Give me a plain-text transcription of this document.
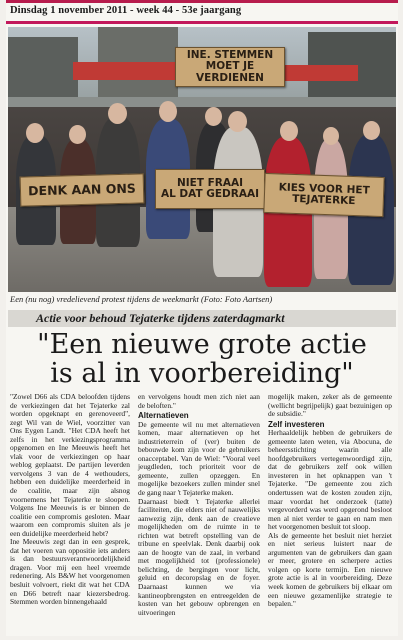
Dinsdag 1 november 2011 - week 44 - 53e jaargang
INE. STEMMEN
MOET JE VERDIENEN
DENK AAN ONS	NIET FRAAI
AL DAT GEDRAAI KIES VOOR HET
TEJATERKE
Een (nu nog) vredelievend protest tijdens de weekmarkt (Foto: Foto Aartsen)
Actie voor behoud Tejaterke tijdens zaterdagmarkt
"Een nieuwe grote actie
is al in voorbereiding"

"Zowel D66 als CDA beloofden tijdens de verkiezingen dat het Tejaterke zal worden opgeknapt en gerenoveerd", zegt Wil van de Wiel, voorzitter van Ons Eygen Landt. "Het CDA heeft het zelfs in het verkiezingsprogramma opgenomen en Ine Meeuwis heeft het vlak voor de verkiezingen op haar weblog geplaatst. De partijen leverden vervolgens 3 van de 4 wethouders, hebben een duidelijke meerderheid in de coalitie, maar zijn alsnog voornemens het Tejaterke te sloopen. Volgens Ine Meeuwis is er binnen de coalitie een compromis gesloten. Maar waarom een compromis sluiten als je een duidelijke meerderheid hebt?

Ine Meeuwis zegt dan in een gesprek, dat het voeren van oppositie iets anders is dan bestuursverantwoordelijkheid dragen. Voor mij een heel vreemde redenering. Als B&W het voorgenomen besluit volvoert, riekt dit wat het CDA en D66 betreft naar kiezersbedrog. Stemmen worden binnengehaald

en vervolgens houdt men zich niet aan de beloften."

Alternatieven

De gemeente wil nu met alternatieven komen, maar alternatieven op het industrieterrein of (ver) buiten de bebouwde kom zijn voor de gebruikers onacceptabel. Van de Wiel: "Vooral veel jeugdleden, toch prioriteit voor de gemeente, zullen opzeggen. En mogelijke bezoekers zullen minder snel de gang naar 't Tejaterke maken.

Daarnaast biedt 't Tejaterke allerlei faciliteiten, die elders niet of nauwelijks aanwezig zijn, denk aan de creatieve mogelijkheden om de ruimte in te richten wat betreft opstelling van de tribune en speelvlak. Denk daarbij ook aan de hoogte van de zaal, in verband met mogelijkheid tot (professionele) belichting, de bergingen voor licht, geluid en decoropslag en de foyer. Daarnaast kunnen we via kantineopbrengsten en entreegelden de kosten van het gebouw opbrengen en uitvoeringen

mogelijk maken, zeker als de gemeente (wellicht begrijpelijk) gaat bezuinigen op de subsidie."

Zelf investeren

Herhaaldelijk hebben de gebruikers de gemeente laten weten, via Abocuna, de beheersstichting waarin alle hoofdgebruikers vertegenwoordigd zijn, dat de gebruikers zelf ook willen investeren in het opknappen van 't Tejaterke. "De gemeente zou zich ondertussen wat de kosten zouden zijn, maar voordat het onderzoek (tatte) vergevorderd was werd opgerond besloot men al niet verder te gaan en nam men het voorgenomen besluit tot sloop.

Als de gemeente het besluit niet herziet en niet serieus luistert naar de argumenten van de gebruikers dan gaan er meer, grotere en scherpere acties volgen op korte termijn. Een nieuwe grote actie is al in voorbereiding. Deze week komen de gebruikers bij elkaar om een nieuwe gezamenlijke strategie te bepalen."
